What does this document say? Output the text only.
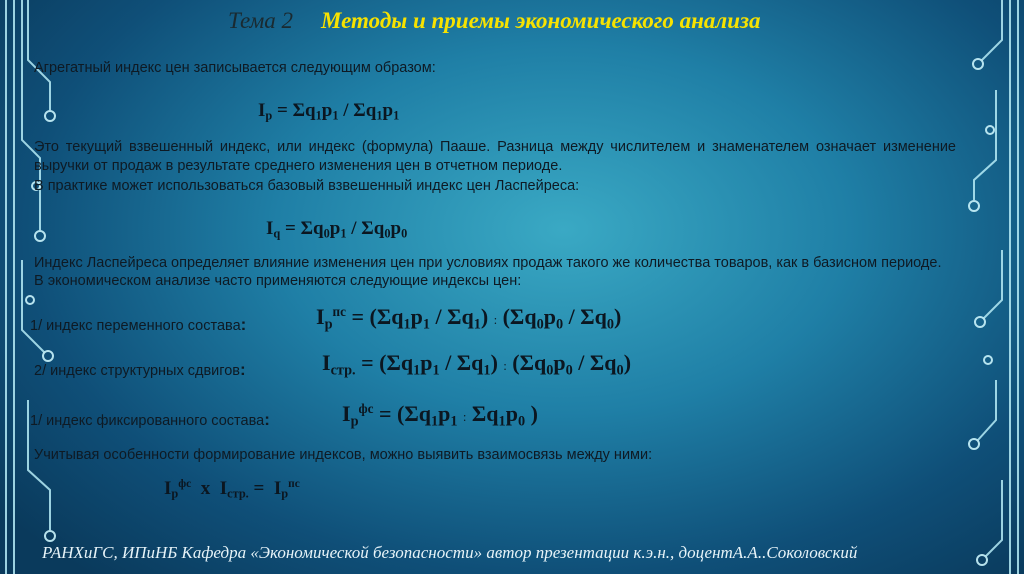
Тема 2 Методы и приемы экономического анализа
Агрегатный индекс цен записывается следующим образом:
$I_p = \Sigma q_1p_1 / \Sigma q_1p_1$
Это текущий взвешенный индекс, или индекс (формула) Пааше. Разница между числителем и знаменателем означает изменение выручки от продаж в результате среднего изменения цен в отчетном периоде.
В практике может использоваться базовый взвешенный индекс цен Ласпейреса:
$I_q = \Sigma q_0p_1 / \Sigma q_0p_0$
Индекс Ласпейреса определяет влияние изменения цен при условиях продаж такого же количества товаров, как в базисном периоде.
В экономическом анализе часто применяются следующие индексы цен:
1/ индекс переменного состава:	$I_p^{пс} = (\Sigma q_1p_1 / \Sigma q_1)$ : $(\Sigma q_0p_0 / \Sigma q_0)$
2/ индекс структурных сдвигов:	$I_{стр.} = (\Sigma q_1p_1 / \Sigma q_1)$ : $(\Sigma q_0p_0 / \Sigma q_0)$
1/ индекс фиксированного состава:	$I_p^{фс} = (\Sigma q_1p_1$ : $\Sigma q_1p_0$ )
Учитывая особенности формирование индексов, можно выявить взаимосвязь между ними:
$I_p^{фс}$  x  $I_{стр.} = I_p^{пс}$
РАНХиГС, ИПиНБ Кафедра «Экономической безопасности» автор презентации к.э.н., доцентА.А..Соколовский
